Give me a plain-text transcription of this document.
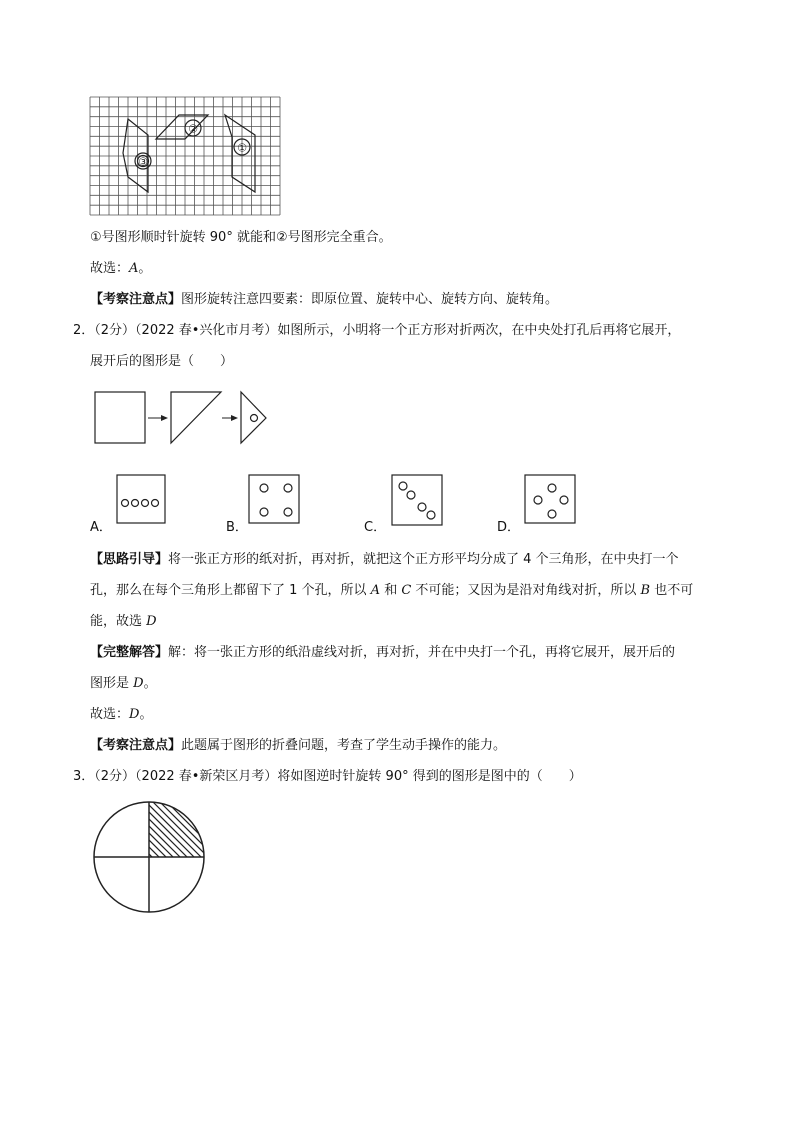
③
②
①
①号图形顺时针旋转 90° 就能和②号图形完全重合。
故选：A。
【考察注意点】图形旋转注意四要素：即原位置、旋转中心、旋转方向、旋转角。
2．（2分）（2022 春•兴化市月考）如图所示，小明将一个正方形对折两次，在中央处打孔后再将它展开，
展开后的图形是（　　）
A．	B．	C．	D．
【思路引导】将一张正方形的纸对折，再对折，就把这个正方形平均分成了 4 个三角形，在中央打一个
孔，那么在每个三角形上都留下了 1 个孔，所以 A 和 C 不可能；又因为是沿对角线对折，所以 B 也不可
能，故选 D
【完整解答】解：将一张正方形的纸沿虚线对折，再对折，并在中央打一个孔，再将它展开，展开后的
图形是 D。
故选：D。
【考察注意点】此题属于图形的折叠问题，考查了学生动手操作的能力。
3．（2分）（2022 春•新荣区月考）将如图逆时针旋转 90° 得到的图形是图中的（　　）
